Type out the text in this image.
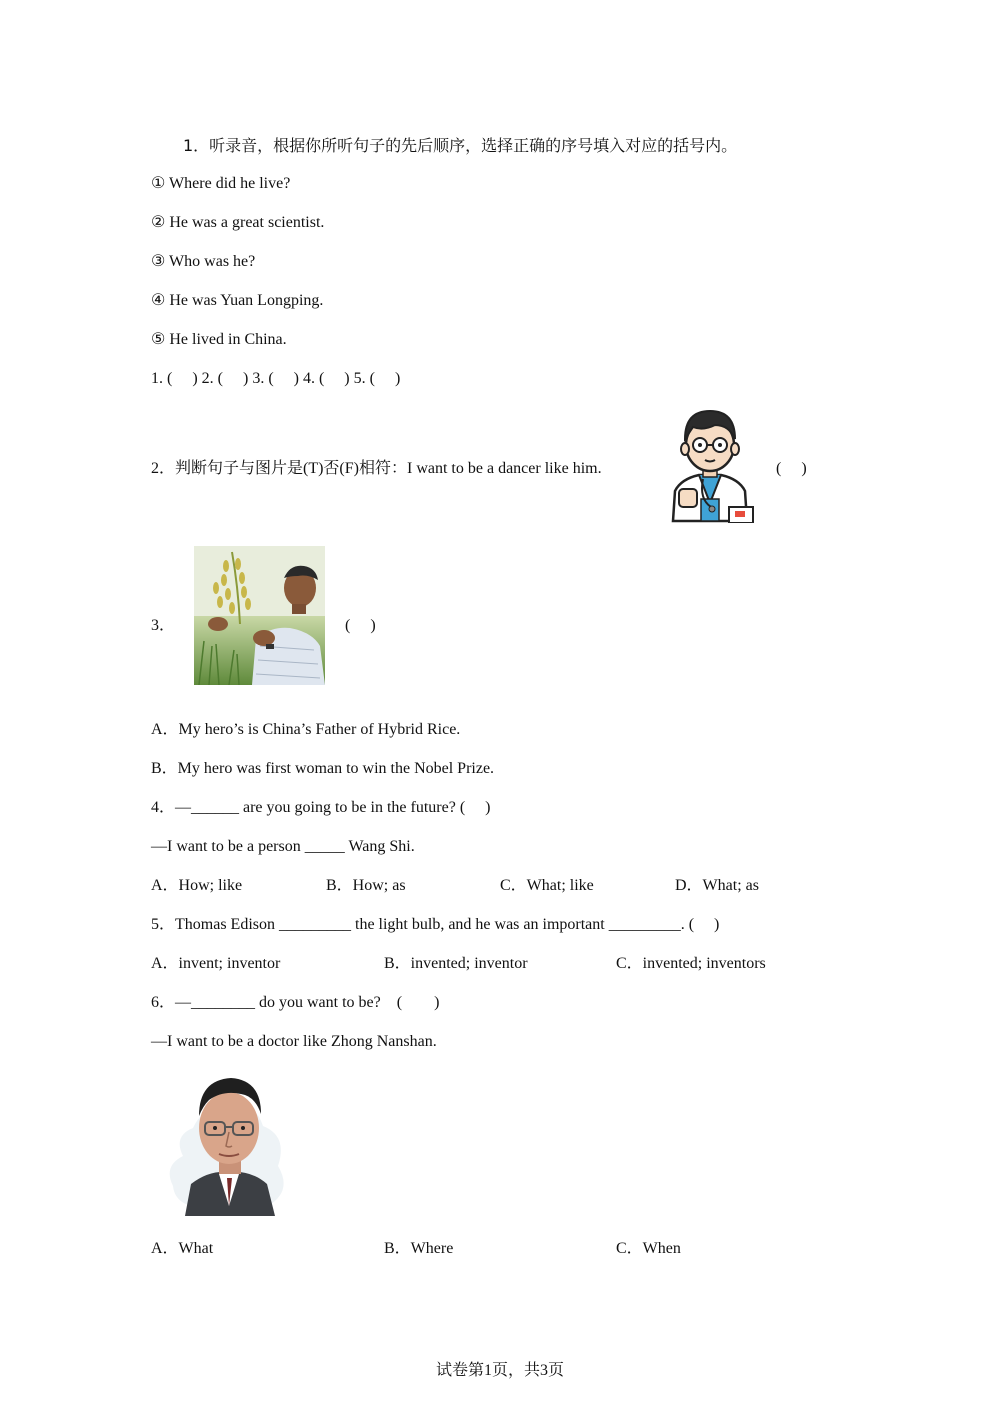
1．听录音，根据你所听句子的先后顺序，选择正确的序号填入对应的括号内。
① Where did he live?
② He was a great scientist.
③ Who was he?
④ He was Yuan Longping.
⑤ He lived in China.
1. (　 ) 2. (　 ) 3. (　 ) 4. (　 ) 5. (　 )
2．判断句子与图片是(T)否(F)相符：I want to be a dancer like him.	(　 )
3．	(　 )
A．My hero’s is China’s Father of Hybrid Rice.
B．My hero was first woman to win the Nobel Prize.
4．—______ are you going to be in the future? (　 )
—I want to be a person _____ Wang Shi.
A．How; like	B．How; as	C．What; like	D．What; as
5．Thomas Edison _________ the light bulb, and he was an important _________. (　 )
A．invent; inventor	B．invented; inventor	C．invented; inventors
6．—________ do you want to be?　(　　)
—I want to be a doctor like Zhong Nanshan.
A．What	B．Where	C．When
试卷第1页，共3页
